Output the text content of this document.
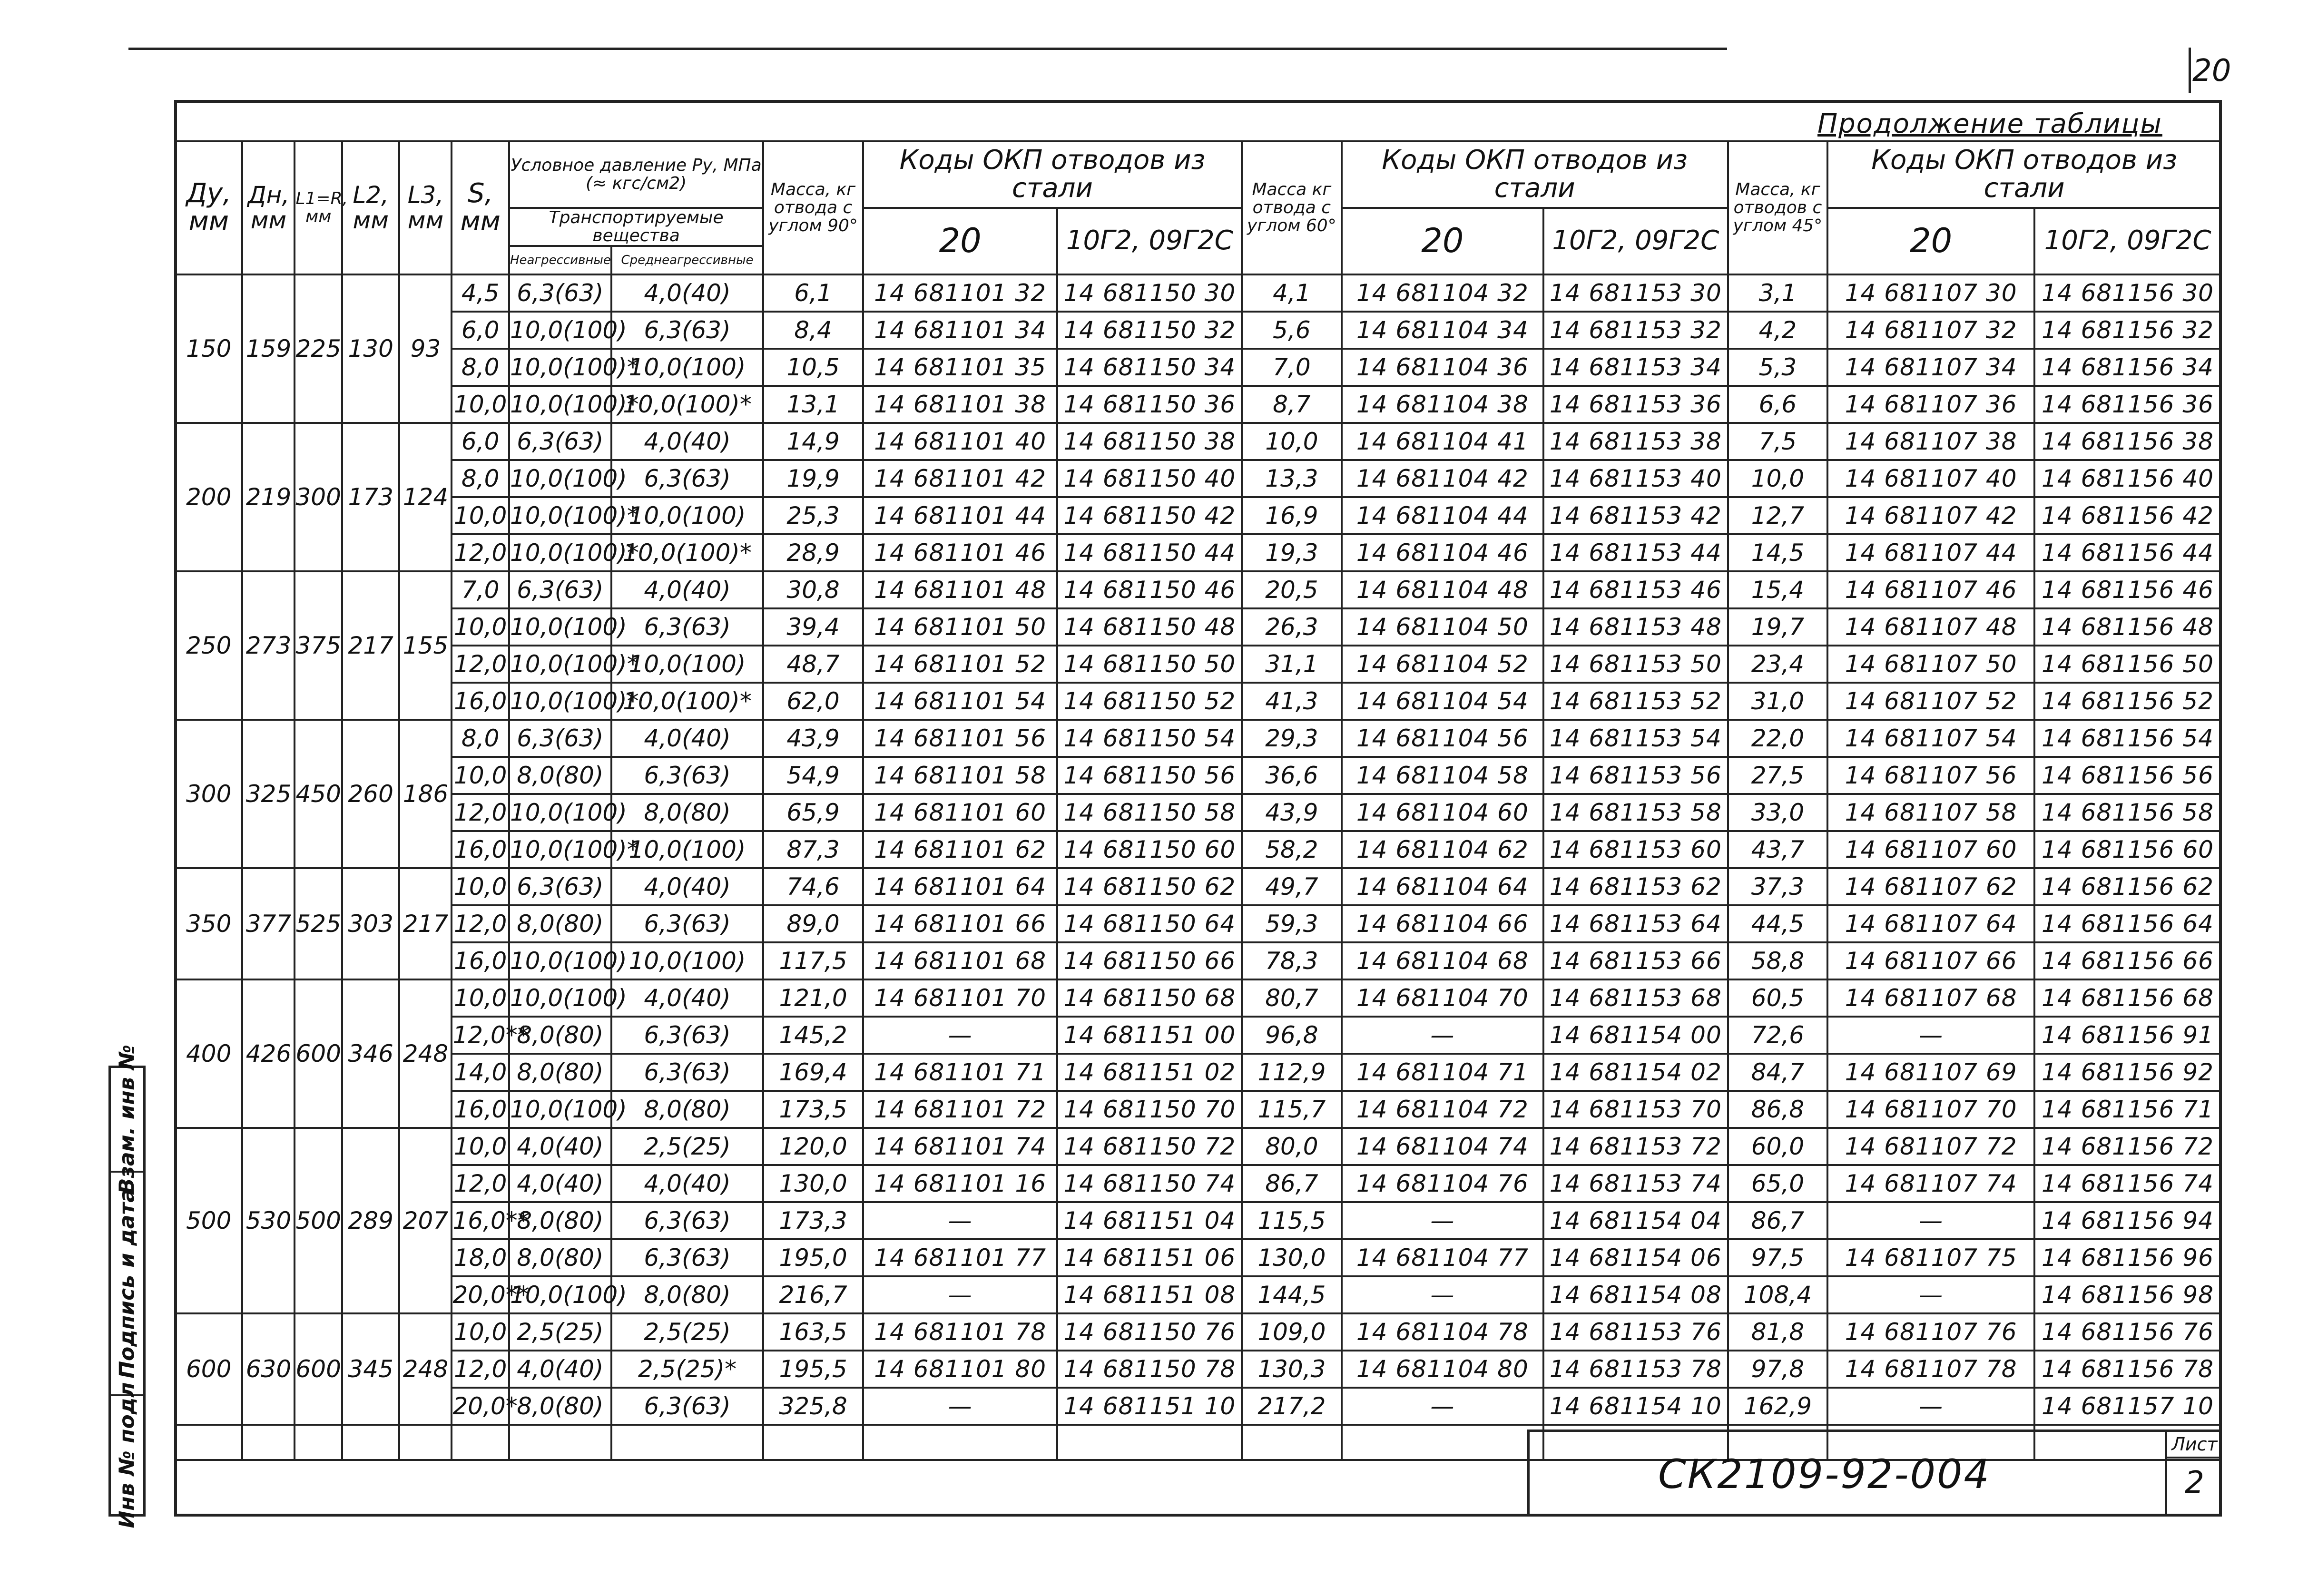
20
Продолжение таблицы
Ду, мм	Дн, мм	L1=R, мм	L2, мм	L3, мм	S, мм	Условное давление Ру, МПа (≈ кгс/см2)		Масса, кг отвода с углом 90°	Коды ОКП отводов из стали		Масса кг отвода с углом 60°	Коды ОКП отводов из стали		Масса, кг отводов с углом 45°	Коды ОКП отводов из стали	
						Транспортируемые вещества			20	10Г2, 09Г2С		20	10Г2, 09Г2С		20	10Г2, 09Г2С
						Неагрессивные	Среднеагрессивные									
150	159	225	130	93	4,5	6,3(63)	4,0(40)	6,1	14 681101 32	14 681150 30	4,1	14 681104 32	14 681153 30	3,1	14 681107 30	14 681156 30
					6,0	10,0(100)	6,3(63)	8,4	14 681101 34	14 681150 32	5,6	14 681104 34	14 681153 32	4,2	14 681107 32	14 681156 32
					8,0	10,0(100)*	10,0(100)	10,5	14 681101 35	14 681150 34	7,0	14 681104 36	14 681153 34	5,3	14 681107 34	14 681156 34
					10,0	10,0(100)*	10,0(100)*	13,1	14 681101 38	14 681150 36	8,7	14 681104 38	14 681153 36	6,6	14 681107 36	14 681156 36
200	219	300	173	124	6,0	6,3(63)	4,0(40)	14,9	14 681101 40	14 681150 38	10,0	14 681104 41	14 681153 38	7,5	14 681107 38	14 681156 38
					8,0	10,0(100)	6,3(63)	19,9	14 681101 42	14 681150 40	13,3	14 681104 42	14 681153 40	10,0	14 681107 40	14 681156 40
					10,0	10,0(100)*	10,0(100)	25,3	14 681101 44	14 681150 42	16,9	14 681104 44	14 681153 42	12,7	14 681107 42	14 681156 42
					12,0	10,0(100)*	10,0(100)*	28,9	14 681101 46	14 681150 44	19,3	14 681104 46	14 681153 44	14,5	14 681107 44	14 681156 44
250	273	375	217	155	7,0	6,3(63)	4,0(40)	30,8	14 681101 48	14 681150 46	20,5	14 681104 48	14 681153 46	15,4	14 681107 46	14 681156 46
					10,0	10,0(100)	6,3(63)	39,4	14 681101 50	14 681150 48	26,3	14 681104 50	14 681153 48	19,7	14 681107 48	14 681156 48
					12,0	10,0(100)*	10,0(100)	48,7	14 681101 52	14 681150 50	31,1	14 681104 52	14 681153 50	23,4	14 681107 50	14 681156 50
					16,0	10,0(100)*	10,0(100)*	62,0	14 681101 54	14 681150 52	41,3	14 681104 54	14 681153 52	31,0	14 681107 52	14 681156 52
300	325	450	260	186	8,0	6,3(63)	4,0(40)	43,9	14 681101 56	14 681150 54	29,3	14 681104 56	14 681153 54	22,0	14 681107 54	14 681156 54
					10,0	8,0(80)	6,3(63)	54,9	14 681101 58	14 681150 56	36,6	14 681104 58	14 681153 56	27,5	14 681107 56	14 681156 56
					12,0	10,0(100)	8,0(80)	65,9	14 681101 60	14 681150 58	43,9	14 681104 60	14 681153 58	33,0	14 681107 58	14 681156 58
					16,0	10,0(100)*	10,0(100)	87,3	14 681101 62	14 681150 60	58,2	14 681104 62	14 681153 60	43,7	14 681107 60	14 681156 60
350	377	525	303	217	10,0	6,3(63)	4,0(40)	74,6	14 681101 64	14 681150 62	49,7	14 681104 64	14 681153 62	37,3	14 681107 62	14 681156 62
					12,0	8,0(80)	6,3(63)	89,0	14 681101 66	14 681150 64	59,3	14 681104 66	14 681153 64	44,5	14 681107 64	14 681156 64
					16,0	10,0(100)	10,0(100)	117,5	14 681101 68	14 681150 66	78,3	14 681104 68	14 681153 66	58,8	14 681107 66	14 681156 66
400	426	600	346	248	10,0	10,0(100)	4,0(40)	121,0	14 681101 70	14 681150 68	80,7	14 681104 70	14 681153 68	60,5	14 681107 68	14 681156 68
					12,0**	8,0(80)	6,3(63)	145,2	—	14 681151 00	96,8	—	14 681154 00	72,6	—	14 681156 91
					14,0	8,0(80)	6,3(63)	169,4	14 681101 71	14 681151 02	112,9	14 681104 71	14 681154 02	84,7	14 681107 69	14 681156 92
					16,0	10,0(100)	8,0(80)	173,5	14 681101 72	14 681150 70	115,7	14 681104 72	14 681153 70	86,8	14 681107 70	14 681156 71
500	530	500	289	207	10,0	4,0(40)	2,5(25)	120,0	14 681101 74	14 681150 72	80,0	14 681104 74	14 681153 72	60,0	14 681107 72	14 681156 72
					12,0	4,0(40)	4,0(40)	130,0	14 681101 16	14 681150 74	86,7	14 681104 76	14 681153 74	65,0	14 681107 74	14 681156 74
					16,0**	8,0(80)	6,3(63)	173,3	—	14 681151 04	115,5	—	14 681154 04	86,7	—	14 681156 94
					18,0	8,0(80)	6,3(63)	195,0	14 681101 77	14 681151 06	130,0	14 681104 77	14 681154 06	97,5	14 681107 75	14 681156 96
					20,0**	10,0(100)	8,0(80)	216,7	—	14 681151 08	144,5	—	14 681154 08	108,4	—	14 681156 98
600	630	600	345	248	10,0	2,5(25)	2,5(25)	163,5	14 681101 78	14 681150 76	109,0	14 681104 78	14 681153 76	81,8	14 681107 76	14 681156 76
					12,0	4,0(40)	2,5(25)*	195,5	14 681101 80	14 681150 78	130,3	14 681104 80	14 681153 78	97,8	14 681107 78	14 681156 78
					20,0*	8,0(80)	6,3(63)	325,8	—	14 681151 10	217,2	—	14 681154 10	162,9	—	14 681157 10

Взам. инв №
Подпись и дата
Инв № подл	СК2109-92-004
Лист
2
